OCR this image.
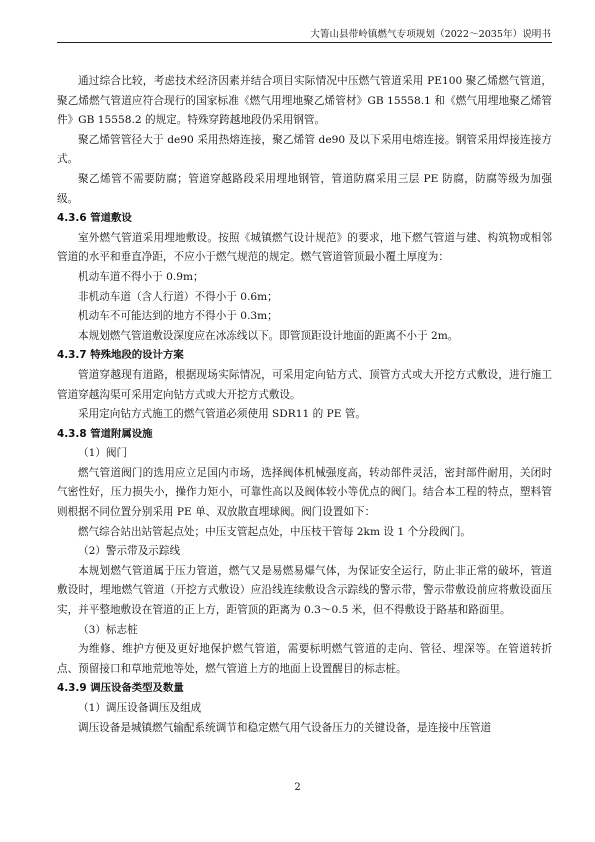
大箐山县带岭镇燃气专项规划（2022～2035年）说明书

通过综合比较，考虑技术经济因素并结合项目实际情况中压燃气管道采用 PE100 聚乙烯燃气管道，聚乙烯燃气管道应符合现行的国家标准《燃气用埋地聚乙烯管材》GB 15558.1 和《燃气用埋地聚乙烯管件》GB 15558.2 的规定。特殊穿跨越地段仍采用钢管。

聚乙烯管管径大于 de90 采用热熔连接，聚乙烯管 de90 及以下采用电熔连接。钢管采用焊接连接方式。

聚乙烯管不需要防腐；管道穿越路段采用埋地钢管，管道防腐采用三层 PE 防腐，防腐等级为加强级。

4.3.6 管道敷设

室外燃气管道采用埋地敷设。按照《城镇燃气设计规范》的要求，地下燃气管道与建、构筑物或相邻管道的水平和垂直净距，不应小于燃气规范的规定。燃气管道管顶最小覆土厚度为：

机动车道不得小于 0.9m；

非机动车道（含人行道）不得小于 0.6m；

机动车不可能达到的地方不得小于 0.3m；

本规划燃气管道敷设深度应在冰冻线以下。即管顶距设计地面的距离不小于 2m。

4.3.7 特殊地段的设计方案

管道穿越现有道路，根据现场实际情况，可采用定向钻方式、顶管方式或大开挖方式敷设，进行施工管道穿越沟渠可采用定向钻方式或大开挖方式敷设。

采用定向钻方式施工的燃气管道必须使用 SDR11 的 PE 管。

4.3.8 管道附属设施

（1）阀门

燃气管道阀门的选用应立足国内市场，选择阀体机械强度高，转动部件灵活，密封部件耐用，关闭时气密性好，压力损失小，操作力矩小，可靠性高以及阀体较小等优点的阀门。结合本工程的特点，塑料管则根据不同位置分别采用 PE 单、双放散直埋球阀。阀门设置如下：

燃气综合站出站管起点处；中压支管起点处，中压枝干管每 2km 设 1 个分段阀门。

（2）警示带及示踪线

本规划燃气管道属于压力管道，燃气又是易燃易爆气体，为保证安全运行，防止非正常的破坏，管道敷设时，埋地燃气管道（开挖方式敷设）应沿线连续敷设含示踪线的警示带，警示带敷设前应将敷设面压实，并平整地敷设在管道的正上方，距管顶的距离为 0.3～0.5 米，但不得敷设于路基和路面里。

（3）标志桩

为维修、维护方便及更好地保护燃气管道，需要标明燃气管道的走向、管径、埋深等。在管道转折点、预留接口和草地荒地等处，燃气管道上方的地面上设置醒目的标志桩。

4.3.9 调压设备类型及数量

（1）调压设备调压及组成

调压设备是城镇燃气输配系统调节和稳定燃气用气设备压力的关键设备，是连接中压管道

2
